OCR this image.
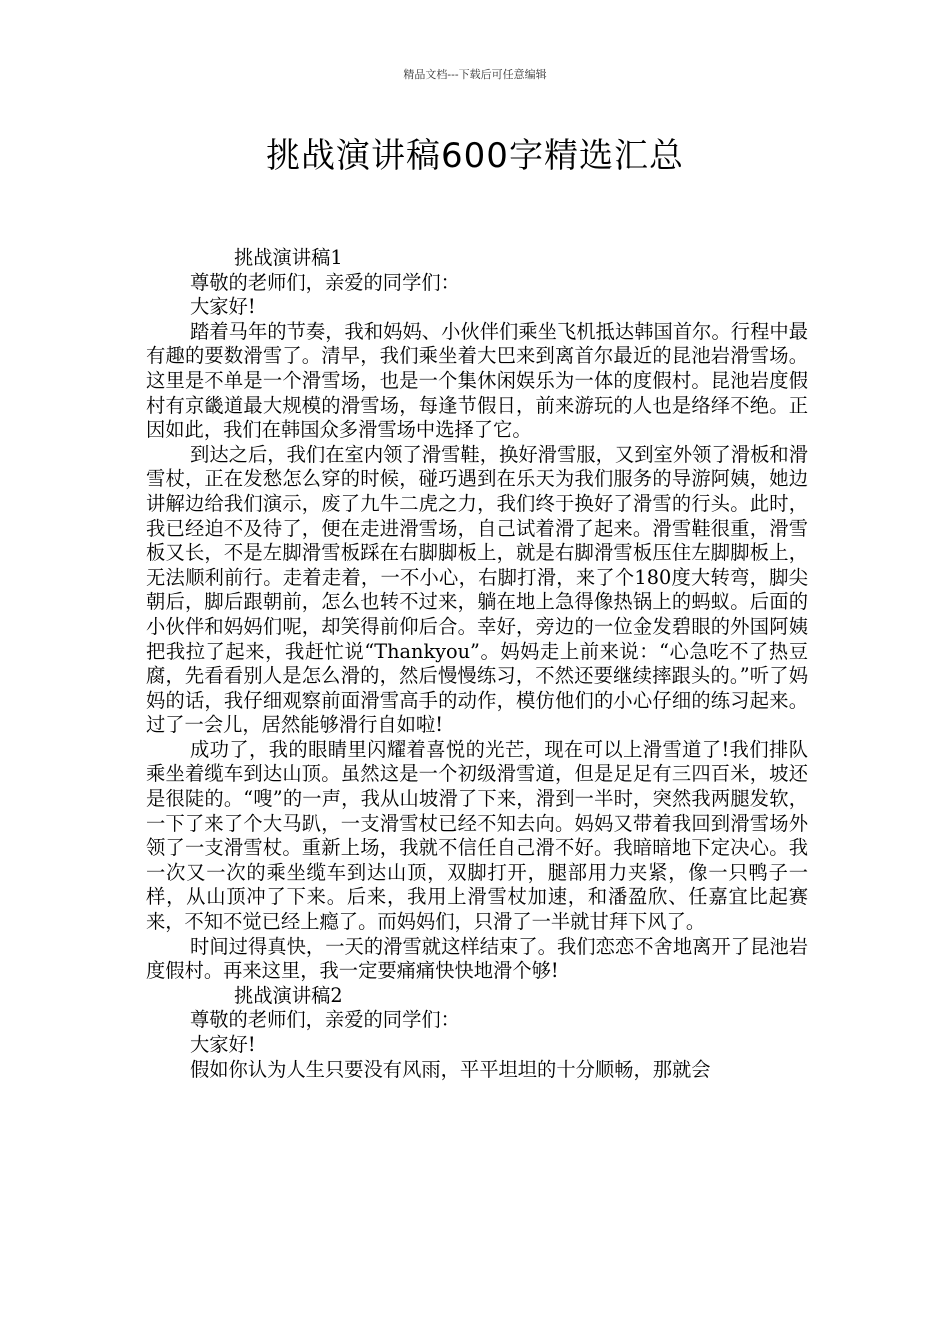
精品文档---下载后可任意编辑
挑战演讲稿600字精选汇总

挑战演讲稿1

尊敬的老师们，亲爱的同学们：

大家好!

踏着马年的节奏，我和妈妈、小伙伴们乘坐飞机抵达韩国首尔。行程中最有趣的要数滑雪了。清早，我们乘坐着大巴来到离首尔最近的昆池岩滑雪场。这里是不单是一个滑雪场，也是一个集休闲娱乐为一体的度假村。昆池岩度假村有京畿道最大规模的滑雪场，每逢节假日，前来游玩的人也是络绎不绝。正因如此，我们在韩国众多滑雪场中选择了它。

到达之后，我们在室内领了滑雪鞋，换好滑雪服，又到室外领了滑板和滑雪杖，正在发愁怎么穿的时候，碰巧遇到在乐天为我们服务的导游阿姨，她边讲解边给我们演示，废了九牛二虎之力，我们终于换好了滑雪的行头。此时，我已经迫不及待了，便在走进滑雪场，自己试着滑了起来。滑雪鞋很重，滑雪板又长，不是左脚滑雪板踩在右脚脚板上，就是右脚滑雪板压住左脚脚板上，无法顺利前行。走着走着，一不小心，右脚打滑，来了个180度大转弯，脚尖朝后，脚后跟朝前，怎么也转不过来，躺在地上急得像热锅上的蚂蚁。后面的小伙伴和妈妈们呢，却笑得前仰后合。幸好，旁边的一位金发碧眼的外国阿姨把我拉了起来，我赶忙说“Thankyou”。妈妈走上前来说：“心急吃不了热豆腐，先看看别人是怎么滑的，然后慢慢练习，不然还要继续摔跟头的。”听了妈妈的话，我仔细观察前面滑雪高手的动作，模仿他们的小心仔细的练习起来。过了一会儿，居然能够滑行自如啦!

成功了，我的眼睛里闪耀着喜悦的光芒，现在可以上滑雪道了!我们排队乘坐着缆车到达山顶。虽然这是一个初级滑雪道，但是足足有三四百米，坡还是很陡的。“嗖”的一声，我从山坡滑了下来，滑到一半时，突然我两腿发软，一下了来了个大马趴，一支滑雪杖已经不知去向。妈妈又带着我回到滑雪场外领了一支滑雪杖。重新上场，我就不信任自己滑不好。我暗暗地下定决心。我一次又一次的乘坐缆车到达山顶，双脚打开，腿部用力夹紧，像一只鸭子一样，从山顶冲了下来。后来，我用上滑雪杖加速，和潘盈欣、任嘉宜比起赛来，不知不觉已经上瘾了。而妈妈们，只滑了一半就甘拜下风了。

时间过得真快，一天的滑雪就这样结束了。我们恋恋不舍地离开了昆池岩度假村。再来这里，我一定要痛痛快快地滑个够!

挑战演讲稿2

尊敬的老师们，亲爱的同学们：

大家好!

假如你认为人生只要没有风雨，平平坦坦的十分顺畅，那就会
